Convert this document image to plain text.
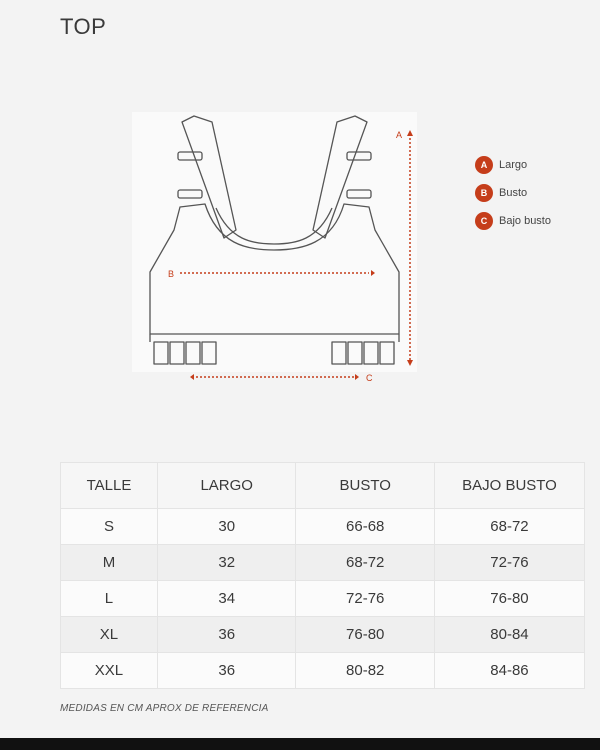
TOP
A
B
C
A	Largo
B	Busto
C	Bajo busto
TALLE	LARGO	BUSTO	BAJO BUSTO
S	30	66-68	68-72
M	32	68-72	72-76
L	34	72-76	76-80
XL	36	76-80	80-84
XXL	36	80-82	84-86
MEDIDAS EN CM APROX DE REFERENCIA
